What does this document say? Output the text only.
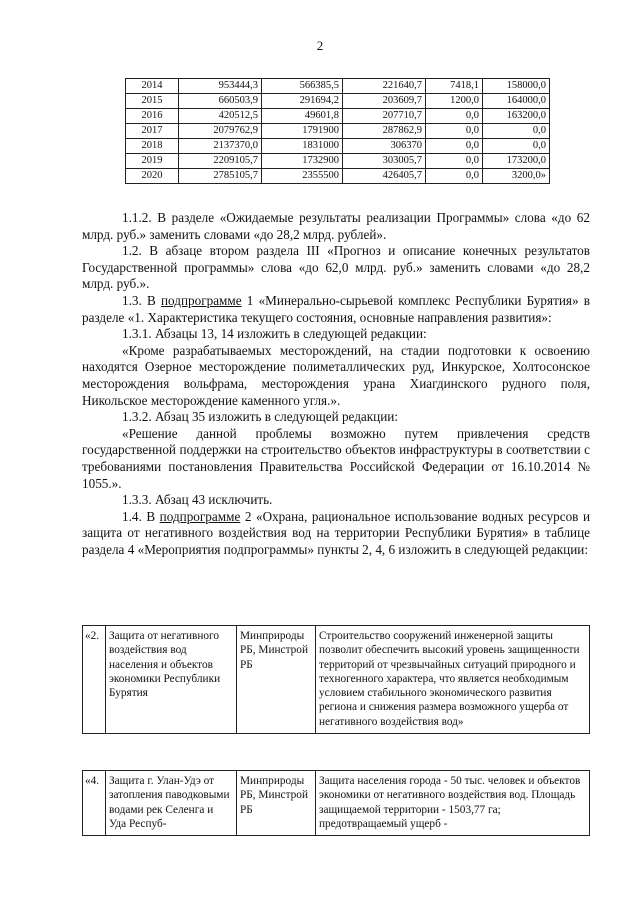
2
2014	953444,3	566385,5	221640,7	7418,1	158000,0
2015	660503,9	291694,2	203609,7	1200,0	164000,0
2016	420512,5	49601,8	207710,7	0,0	163200,0
2017	2079762,9	1791900	287862,9	0,0	0,0
2018	2137370,0	1831000	306370	0,0	0,0
2019	2209105,7	1732900	303005,7	0,0	173200,0
2020	2785105,7	2355500	426405,7	0,0	3200,0»

1.1.2. В разделе «Ожидаемые результаты реализации Программы» слова «до 62 млрд. руб.» заменить словами «до 28,2 млрд. рублей».

1.2. В абзаце втором раздела III «Прогноз и описание конечных результатов Государственной программы» слова «до 62,0 млрд. руб.» заменить словами «до 28,2 млрд. руб.».

1.3. В подпрограмме 1 «Минерально-сырьевой комплекс Республики Бурятия» в разделе «1. Характеристика текущего состояния, основные направления развития»:

1.3.1. Абзацы 13, 14 изложить в следующей редакции:

«Кроме разрабатываемых месторождений, на стадии подготовки к освоению находятся Озерное месторождение полиметаллических руд, Инкурское, Холтосонское месторождения вольфрама, месторождения урана Хиагдинского рудного поля, Никольское месторождение каменного угля.».

1.3.2. Абзац 35 изложить в следующей редакции:

«Решение данной проблемы возможно путем привлечения средств государственной поддержки на строительство объектов инфраструктуры в соответствии с требованиями постановления Правительства Российской Федерации от 16.10.2014 № 1055.».

1.3.3. Абзац 43 исключить.

1.4. В подпрограмме 2 «Охрана, рациональное использование водных ресурсов и защита от негативного воздействия вод на территории Республики Бурятия» в таблице раздела 4 «Мероприятия подпрограммы» пункты 2, 4, 6 изложить в следующей редакции:

«2.	Защита от негативного воздействия вод населения и объектов экономики Республики Бурятия	Минприроды РБ, Минстрой РБ	Строительство сооружений инженерной защиты позволит обеспечить высокий уровень защищенности территорий от чрезвычайных ситуаций природного и техногенного характера, что является необходимым условием стабильного экономического развития региона и снижения размера возможного ущерба от негативного воздействия вод»
«4.	Защита г. Улан-Удэ от затопления паводковыми водами рек Селенга и Уда Респуб-	Минприроды РБ, Минстрой РБ	Защита населения города - 50 тыс. человек и объектов экономики от негативного воздействия вод. Площадь защищаемой территории - 1503,77 га; предотвращаемый ущерб -
